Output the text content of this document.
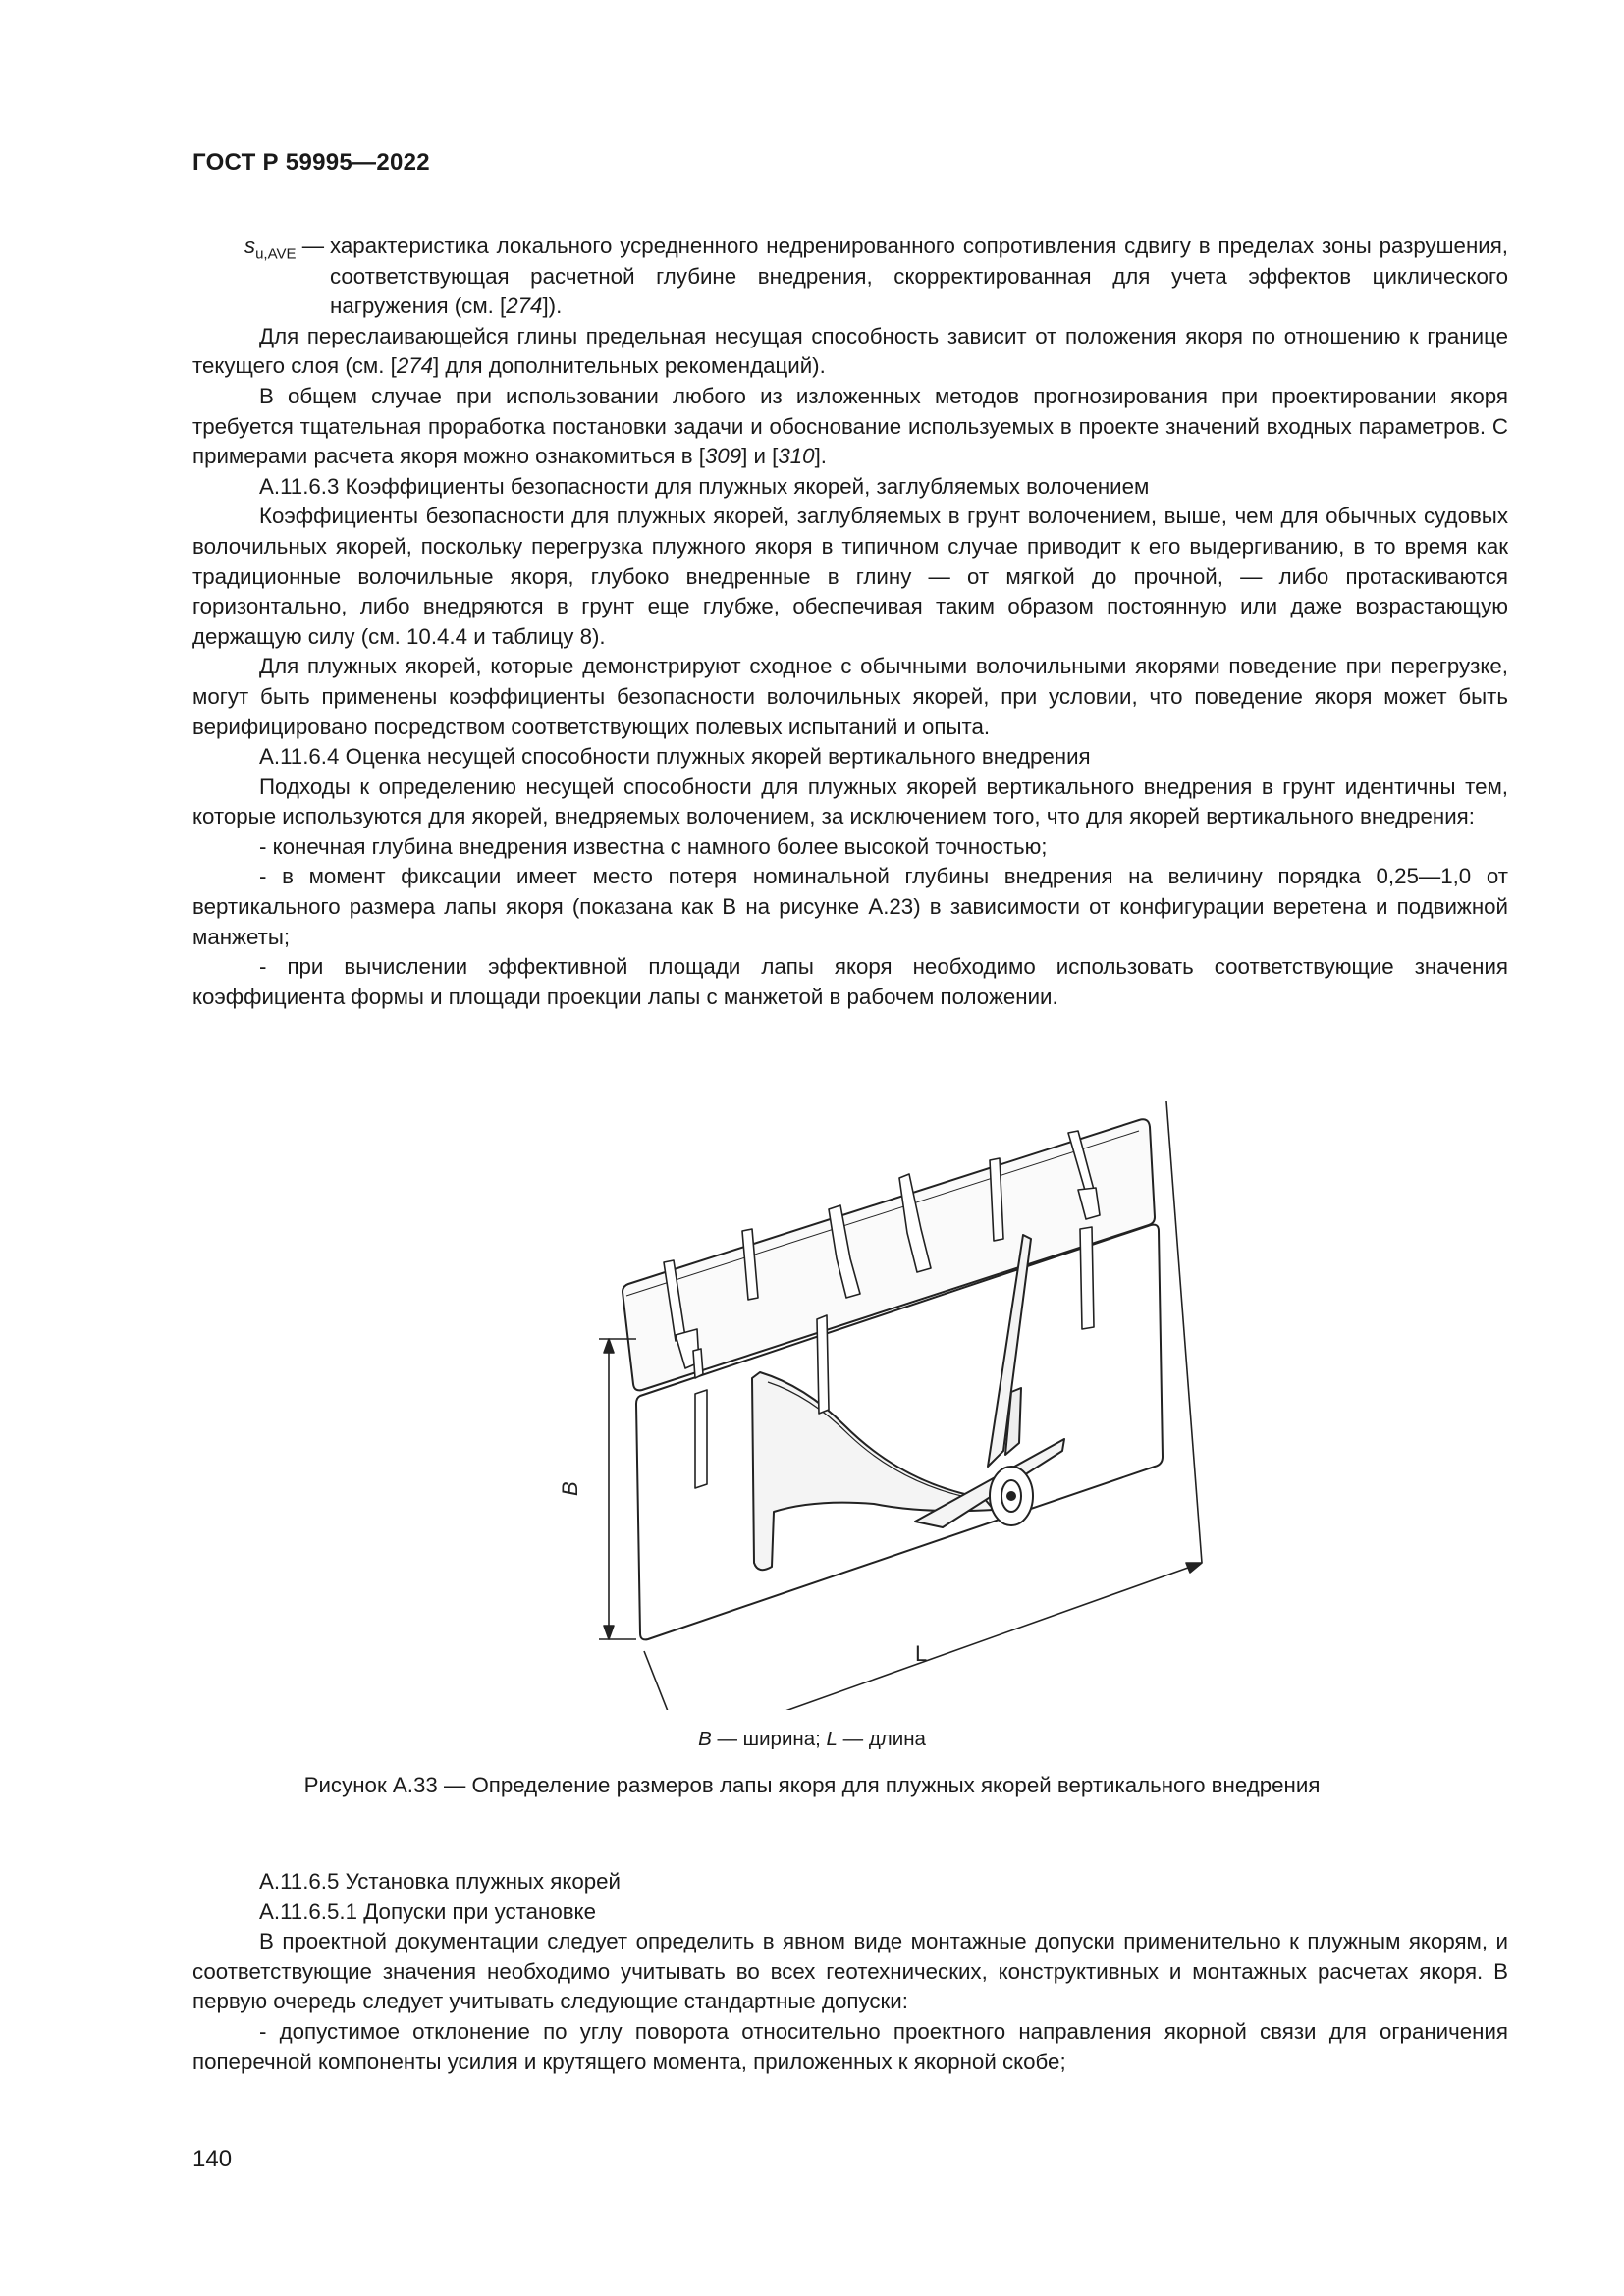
ГОСТ Р 59995—2022
$s_{u,AVE}$ — характеристика локального усредненного недренированного сопротивления сдвигу в пределах зоны разрушения, соответствующая расчетной глубине внедрения, скорректированная для учета эффектов циклического нагружения (см. [274]).

Для переслаивающейся глины предельная несущая способность зависит от положения якоря по отношению к границе текущего слоя (см. [274] для дополнительных рекомендаций).

В общем случае при использовании любого из изложенных методов прогнозирования при проектировании якоря требуется тщательная проработка постановки задачи и обоснование используемых в проекте значений входных параметров. С примерами расчета якоря можно ознакомиться в [309] и [310].

А.11.6.3 Коэффициенты безопасности для плужных якорей, заглубляемых волочением

Коэффициенты безопасности для плужных якорей, заглубляемых в грунт волочением, выше, чем для обычных судовых волочильных якорей, поскольку перегрузка плужного якоря в типичном случае приводит к его выдергиванию, в то время как традиционные волочильные якоря, глубоко внедренные в глину — от мягкой до прочной, — либо протаскиваются горизонтально, либо внедряются в грунт еще глубже, обеспечивая таким образом постоянную или даже возрастающую держащую силу (см. 10.4.4 и таблицу 8).

Для плужных якорей, которые демонстрируют сходное с обычными волочильными якорями поведение при перегрузке, могут быть применены коэффициенты безопасности волочильных якорей, при условии, что поведение якоря может быть верифицировано посредством соответствующих полевых испытаний и опыта.

А.11.6.4 Оценка несущей способности плужных якорей вертикального внедрения

Подходы к определению несущей способности для плужных якорей вертикального внедрения в грунт идентичны тем, которые используются для якорей, внедряемых волочением, за исключением того, что для якорей вертикального внедрения:

- конечная глубина внедрения известна с намного более высокой точностью;

- в момент фиксации имеет место потеря номинальной глубины внедрения на величину порядка 0,25—1,0 от вертикального размера лапы якоря (показана как B на рисунке А.23) в зависимости от конфигурации веретена и подвижной манжеты;

- при вычислении эффективной площади лапы якоря необходимо использовать соответствующие значения коэффициента формы и площади проекции лапы с манжетой в рабочем положении.

B
L
B — ширина; L — длина
Рисунок А.33 — Определение размеров лапы якоря для плужных якорей вертикального внедрения

А.11.6.5 Установка плужных якорей

А.11.6.5.1 Допуски при установке

В проектной документации следует определить в явном виде монтажные допуски применительно к плужным якорям, и соответствующие значения необходимо учитывать во всех геотехнических, конструктивных и монтажных расчетах якоря. В первую очередь следует учитывать следующие стандартные допуски:

- допустимое отклонение по углу поворота относительно проектного направления якорной связи для ограничения поперечной компоненты усилия и крутящего момента, приложенных к якорной скобе;

140
